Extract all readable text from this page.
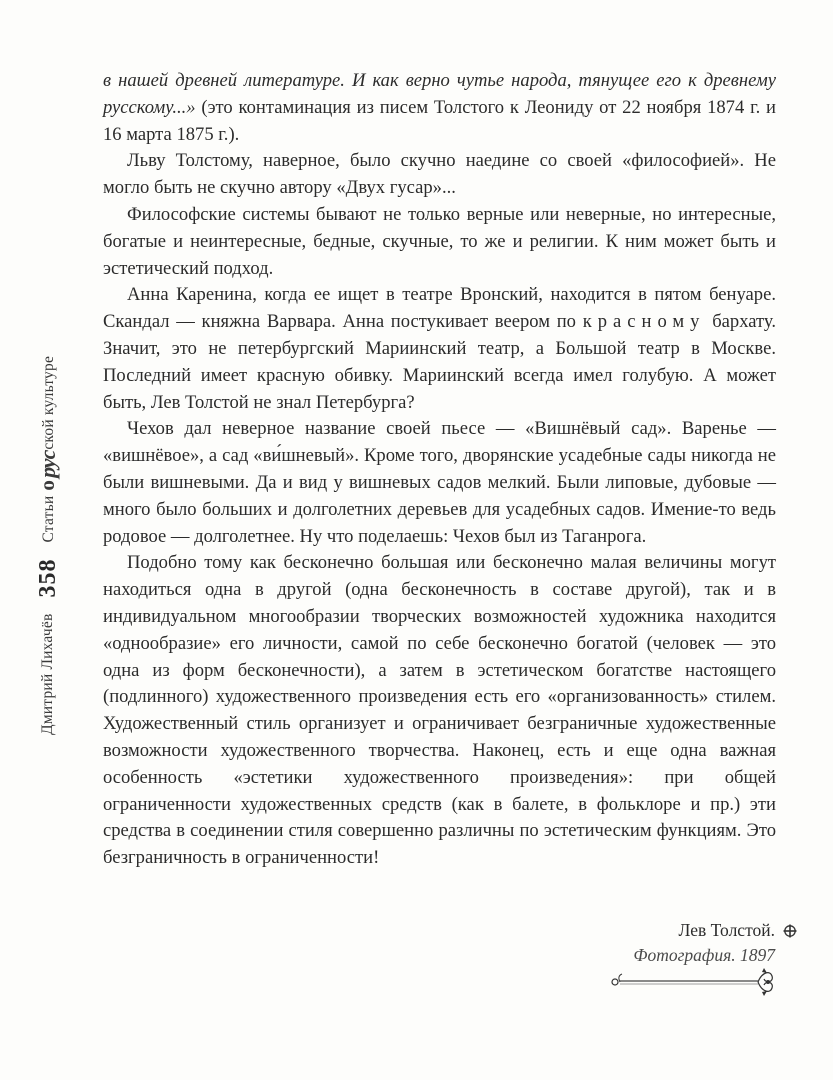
Дмитрий Лихачёв
358
Статьиорусской культуре

в нашей древней литературе. И как верно чутье народа, тянущее его к древнему русскому...» (это контаминация из писем Толстого к Леониду от 22 ноября 1874 г. и 16 марта 1875 г.).

Льву Толстому, наверное, было скучно наедине со своей «философией». Не могло быть не скучно автору «Двух гусар»...

Философские системы бывают не только верные или неверные, но интересные, богатые и неинтересные, бедные, скучные, то же и религии. К ним может быть и эстетический подход.

Анна Каренина, когда ее ищет в театре Вронский, находится в пятом бенуаре. Скандал — княжна Варвара. Анна постукивает веером по красному бархату. Значит, это не петербургский Мариинский театр, а Большой театр в Москве. Последний имеет красную обивку. Мариинский всегда имел голубую. А может быть, Лев Толстой не знал Петербурга?

Чехов дал неверное название своей пьесе — «Вишнёвый сад». Варенье — «вишнёвое», а сад «ви́шневый». Кроме того, дворянские усадебные сады никогда не были вишневыми. Да и вид у вишневых садов мелкий. Были липовые, дубовые — много было больших и долголетних деревьев для усадебных садов. Имение-то ведь родовое — долголетнее. Ну что поделаешь: Чехов был из Таганрога.

Подобно тому как бесконечно большая или бесконечно малая величины могут находиться одна в другой (одна бесконечность в составе другой), так и в индивидуальном многообразии творческих возможностей художника находится «однообразие» его личности, самой по себе бесконечно богатой (человек — это одна из форм бесконечности), а затем в эстетическом богатстве настоящего (подлинного) художественного произведения есть его «организованность» стилем. Художественный стиль организует и ограничивает безграничные художественные возможности художественного творчества. Наконец, есть и еще одна важная особенность «эстетики художественного произведения»: при общей ограниченности художественных средств (как в балете, в фольклоре и пр.) эти средства в соединении стиля совершенно различны по эстетическим функциям. Это безграничность в ограниченности!

Лев Толстой.
Фотография. 1897
